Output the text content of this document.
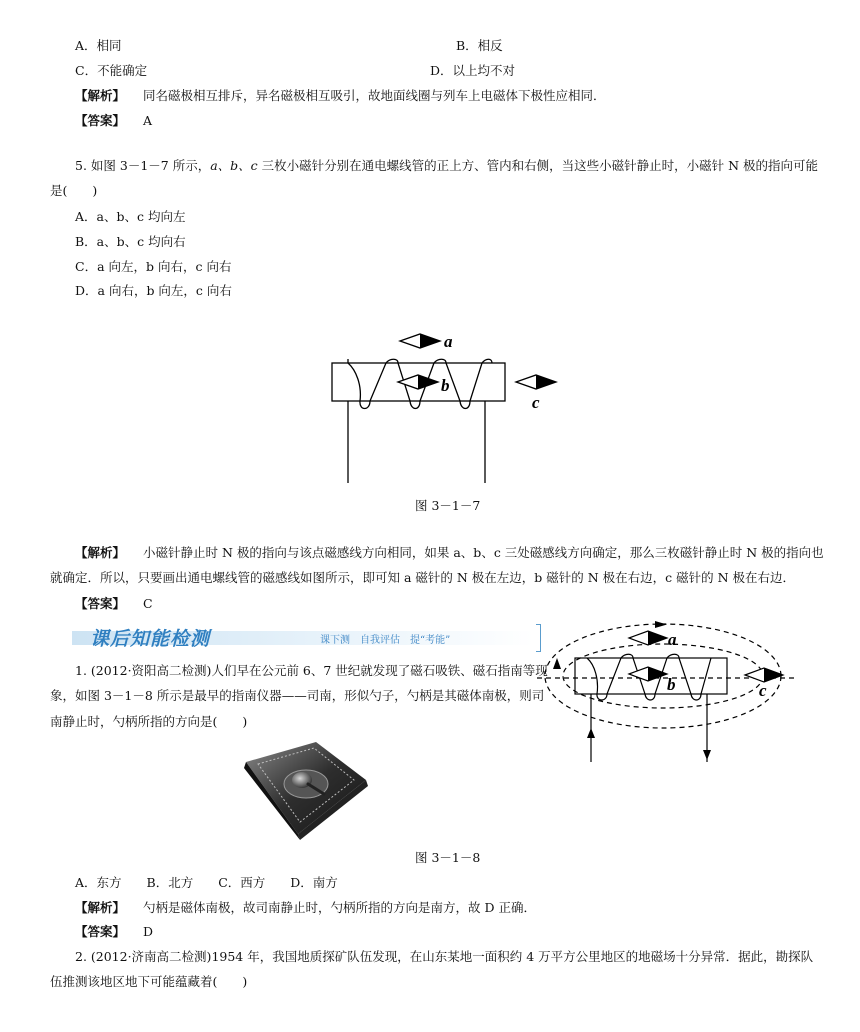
A．相同	B．相反
C．不能确定	D．以上均不对
【解析】 同名磁极相互排斥，异名磁极相互吸引，故地面线圈与列车上电磁体下极性应相同．
【答案】 A
5. 如图 3－1－7 所示，a、b、c 三枚小磁针分别在通电螺线管的正上方、管内和右侧，当这些小磁针静止时，小磁针 N 极的指向可能
是(　　)
A．a、b、c 均向左
B．a、b、c 均向右
C．a 向左，b 向右，c 向右
D．a 向右，b 向左，c 向右
a
b
c
图 3－1－7
【解析】 小磁针静止时 N 极的指向与该点磁感线方向相同，如果 a、b、c 三处磁感线方向确定，那么三枚磁针静止时 N 极的指向也
就确定．所以，只要画出通电螺线管的磁感线如图所示，即可知 a 磁针的 N 极在左边，b 磁针的 N 极在右边，c 磁针的 N 极在右边．
【答案】 C
课后知能检测	课下测　自我评估　提“考能”	a
b	c
1. (2012·资阳高二检测)人们早在公元前 6、7 世纪就发现了磁石吸铁、磁石指南等现
象，如图 3－1－8 所示是最早的指南仪器——司南，形似勺子，勺柄是其磁体南极，则司
南静止时，勺柄所指的方向是(　　)
图 3－1－8
A．东方　　B．北方　　C．西方　　D．南方
【解析】 勺柄是磁体南极，故司南静止时，勺柄所指的方向是南方，故 D 正确．
【答案】 D
2. (2012·济南高二检测)1954 年，我国地质探矿队伍发现，在山东某地一面积约 4 万平方公里地区的地磁场十分异常．据此，勘探队
伍推测该地区地下可能蕴藏着(　　)
